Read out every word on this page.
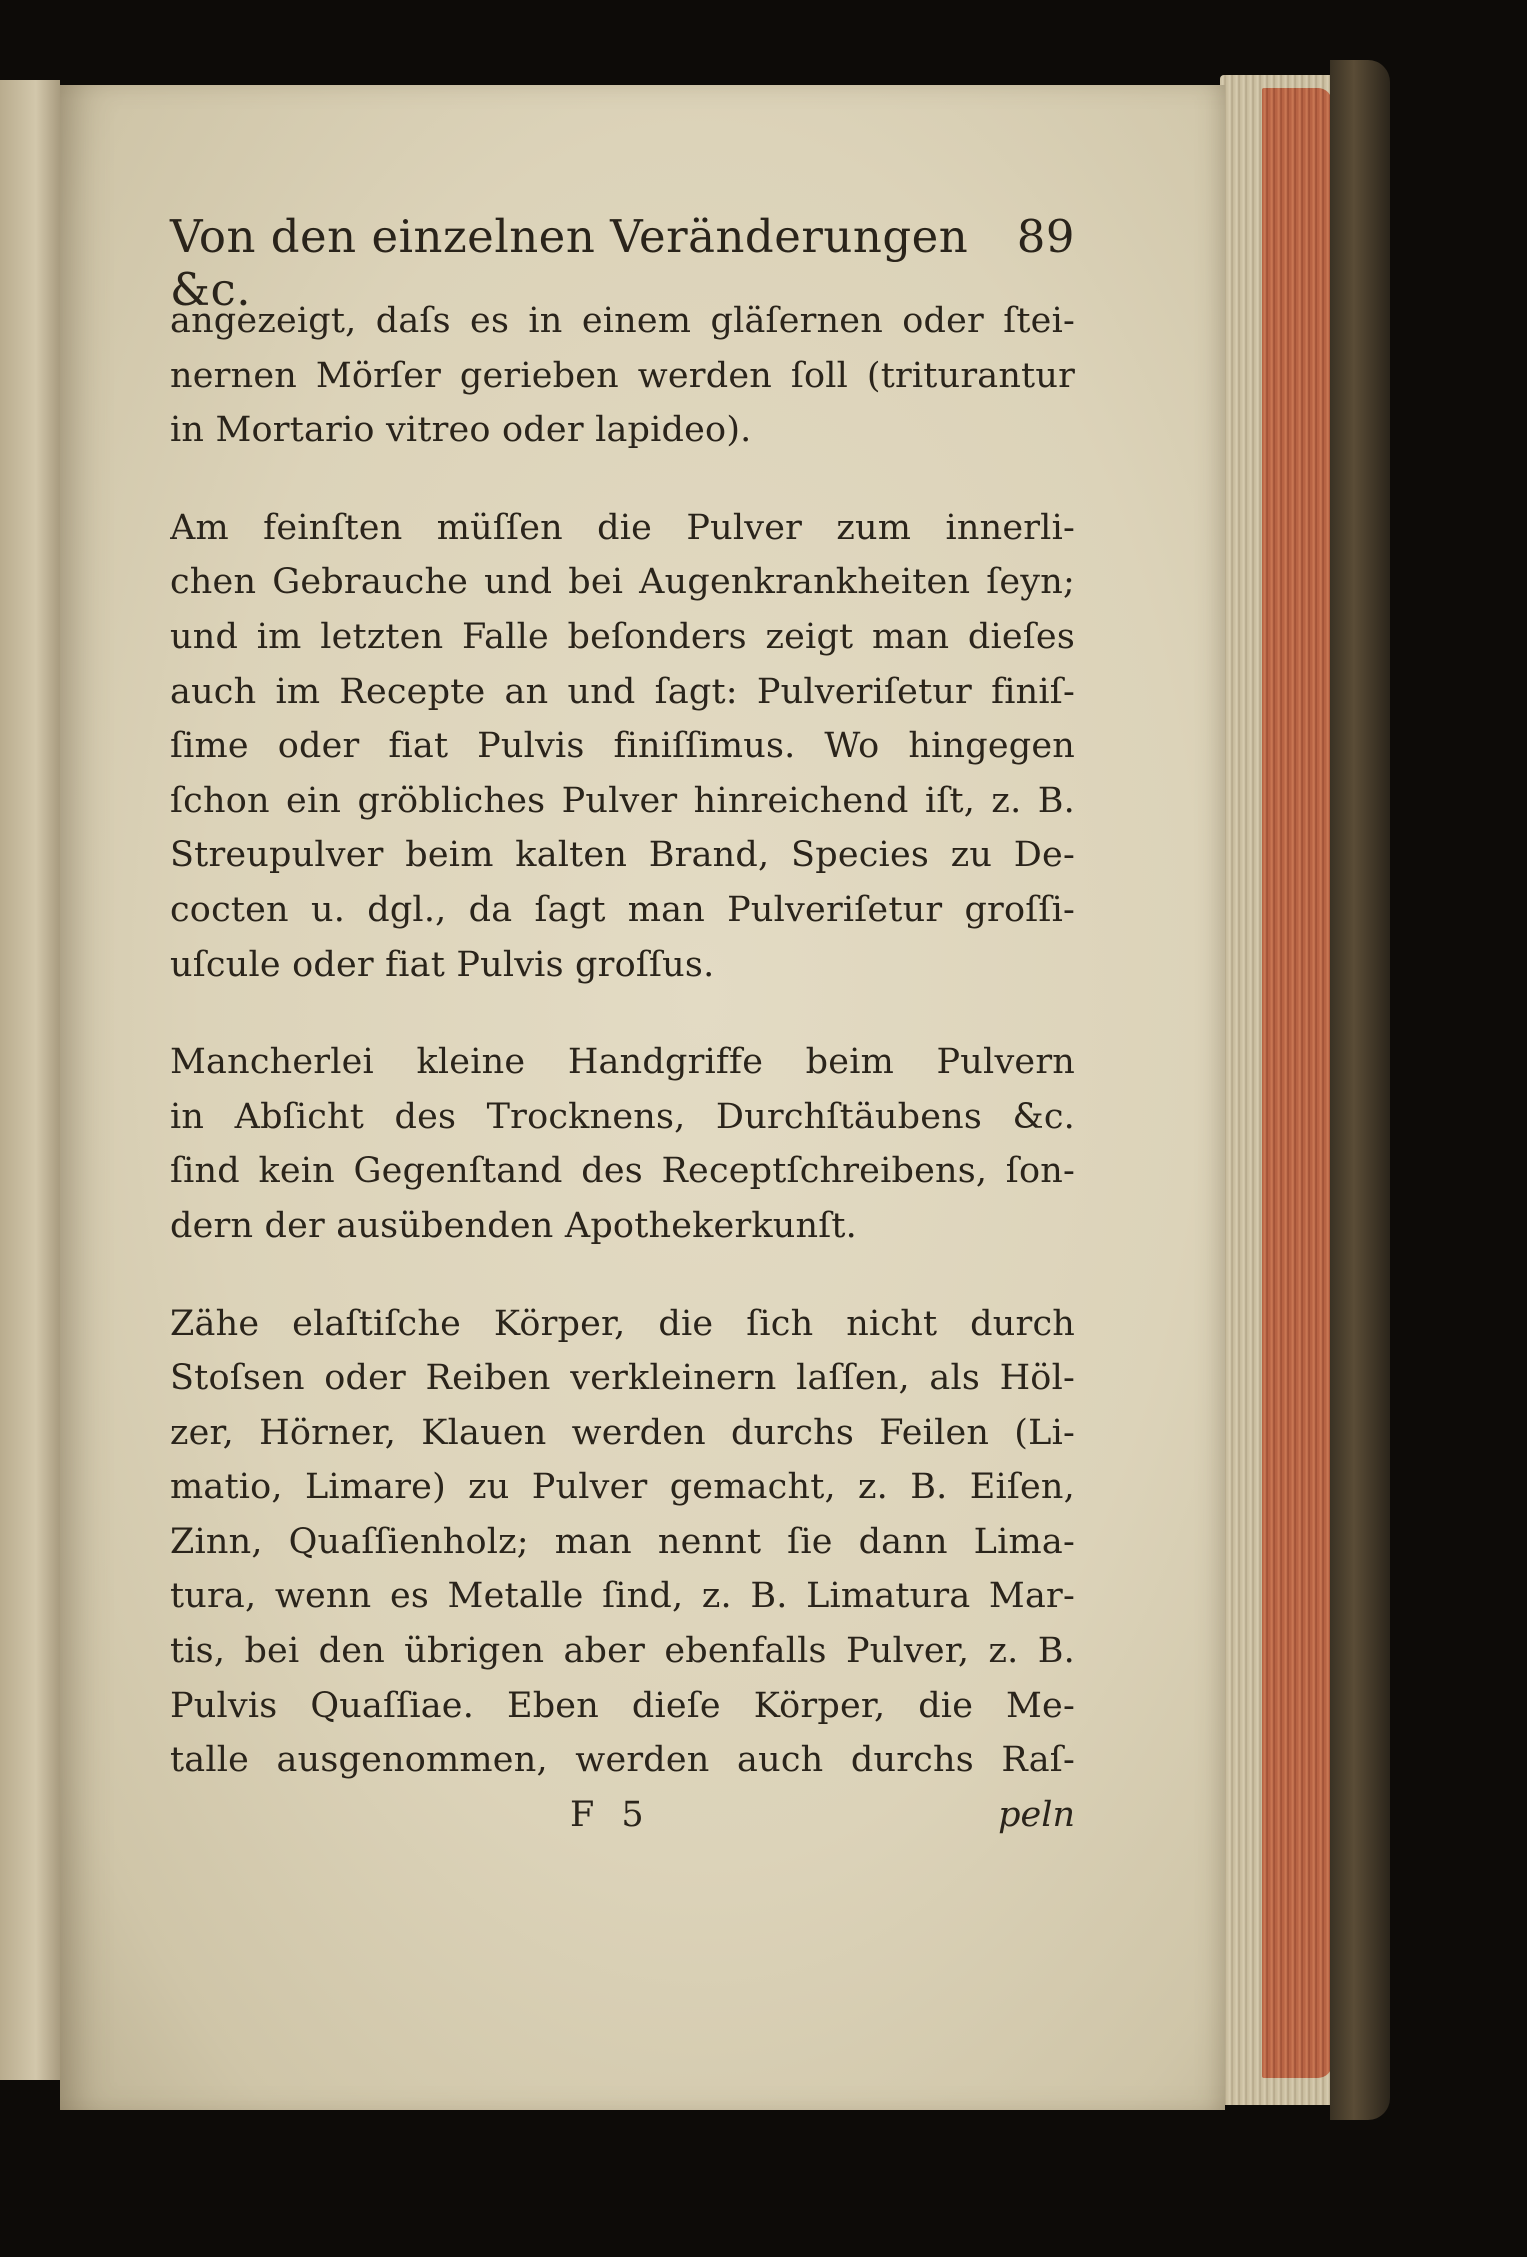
Von den einzelnen Veränderungen &c.
89
angezeigt, daſs es in einem gläſernen oder ſtei-
nernen Mörſer gerieben werden ſoll (triturantur
in Mortario vitreo oder lapideo).
Am feinſten müſſen die Pulver zum innerli-
chen Gebrauche und bei Augenkrankheiten ſeyn;
und im letzten Falle beſonders zeigt man dieſes
auch im Recepte an und ſagt: Pulveriſetur finiſ-
ſime oder fiat Pulvis finiſſimus. Wo hingegen
ſchon ein gröbliches Pulver hinreichend iſt, z. B.
Streupulver beim kalten Brand, Species zu De-
cocten u. dgl., da ſagt man Pulveriſetur groſſi-
uſcule oder fiat Pulvis groſſus.
Mancherlei kleine Handgriffe beim Pulvern
in Abſicht des Trocknens, Durchſtäubens &c.
ſind kein Gegenſtand des Receptſchreibens, ſon-
dern der ausübenden Apothekerkunſt.
Zähe elaſtiſche Körper, die ſich nicht durch
Stoſsen oder Reiben verkleinern laſſen, als Höl-
zer, Hörner, Klauen werden durchs Feilen (Li-
matio, Limare) zu Pulver gemacht, z. B. Eiſen,
Zinn, Quaſſienholz; man nennt ſie dann Lima-
tura, wenn es Metalle ſind, z. B. Limatura Mar-
tis, bei den übrigen aber ebenfalls Pulver, z. B.
Pulvis Quaſſiae. Eben dieſe Körper, die Me-
talle ausgenommen, werden auch durchs Raſ-
F 5	peln
